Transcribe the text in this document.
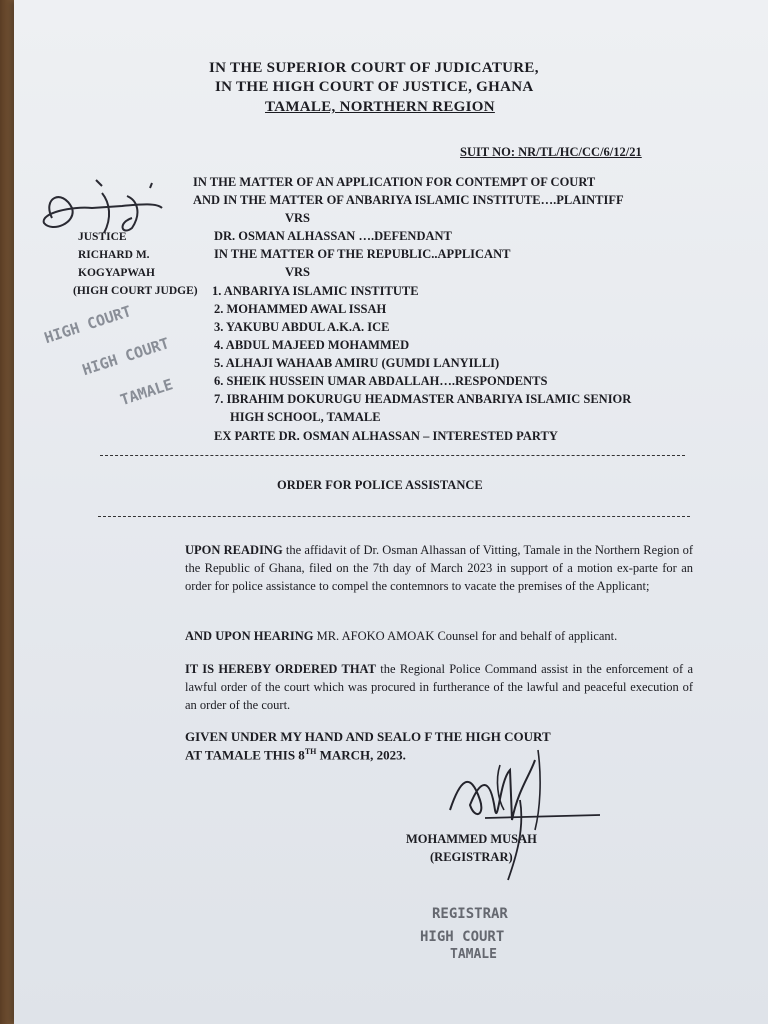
IN THE SUPERIOR COURT OF JUDICATURE,
IN THE HIGH COURT OF JUSTICE, GHANA
TAMALE, NORTHERN REGION
SUIT NO: NR/TL/HC/CC/6/12/21
IN THE MATTER OF AN APPLICATION FOR CONTEMPT OF COURT
AND IN THE MATTER OF ANBARIYA ISLAMIC INSTITUTE….PLAINTIFF
VRS
DR. OSMAN ALHASSAN ….DEFENDANT
IN THE MATTER OF THE REPUBLIC..APPLICANT
VRS
JUSTICE
RICHARD M.
KOGYAPWAH
(HIGH COURT JUDGE) 1. ANBARIYA ISLAMIC INSTITUTE
2. MOHAMMED AWAL ISSAH
3. YAKUBU ABDUL A.K.A. ICE
4. ABDUL MAJEED MOHAMMED
5. ALHAJI WAHAAB AMIRU (GUMDI LANYILLI)
6. SHEIK HUSSEIN UMAR ABDALLAH….RESPONDENTS
7. IBRAHIM DOKURUGU HEADMASTER ANBARIYA ISLAMIC SENIOR
HIGH SCHOOL, TAMALE
EX PARTE DR. OSMAN ALHASSAN – INTERESTED PARTY
HIGH COURT
HIGH COURT
TAMALE
ORDER FOR POLICE ASSISTANCE
UPON READING the affidavit of Dr. Osman Alhassan of Vitting, Tamale in the Northern Region of the Republic of Ghana, filed on the 7th day of March 2023 in support of a motion ex-parte for an order for police assistance to compel the contemnors to vacate the premises of the Applicant;
AND UPON HEARING MR. AFOKO AMOAK Counsel for and behalf of applicant.
IT IS HEREBY ORDERED THAT the Regional Police Command assist in the enforcement of a lawful order of the court which was procured in furtherance of the lawful and peaceful execution of an order of the court.
GIVEN UNDER MY HAND AND SEALO F THE HIGH COURT
AT TAMALE THIS 8TH MARCH, 2023.
MOHAMMED MUSAH
(REGISTRAR)
REGISTRAR
HIGH COURT
TAMALE
